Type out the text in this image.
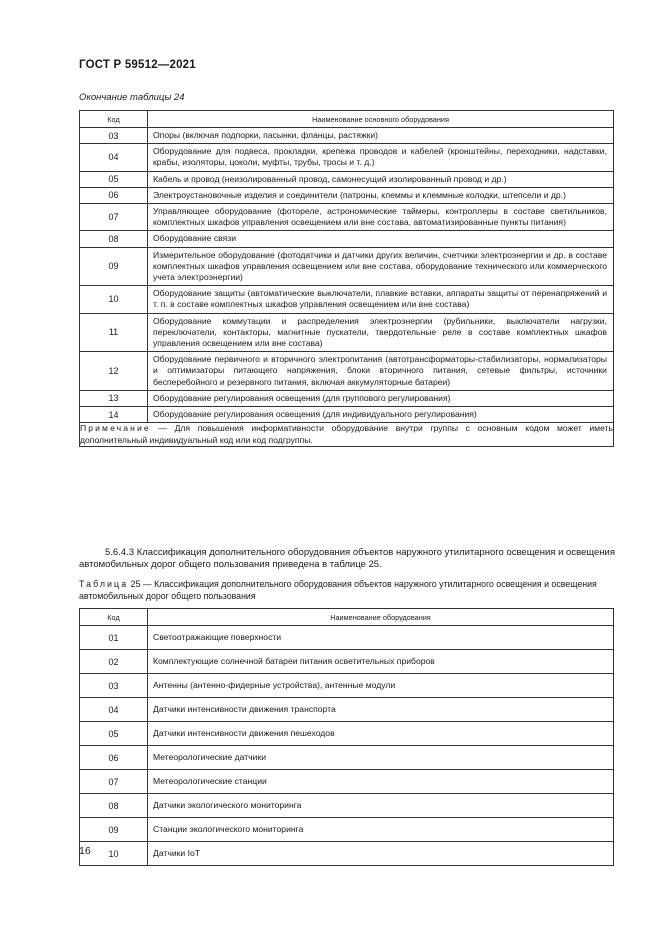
ГОСТ Р 59512—2021
Окончание таблицы 24
Код	Наименование основного оборудования
03	Опоры (включая подпорки, пасынки, фланцы, растяжки)
04	Оборудование для подвеса, прокладки, крепежа проводов и кабелей (кронштейны, переходники, надставки, крабы, изоляторы, цоколи, муфты, трубы, тросы и т. д.)
05	Кабель и провод (неизолированный провод, самонесущий изолированный провод и др.)
06	Электроустановочные изделия и соединители (патроны, клеммы и клеммные колодки, штепсели и др.)
07	Управляющее оборудование (фотореле, астрономические таймеры, контроллеры в составе светильников, комплектных шкафов управления освещением или вне состава, автоматизированные пункты питания)
08	Оборудование связи
09	Измерительное оборудование (фотодатчики и датчики других величин, счетчики электроэнергии и др. в составе комплектных шкафов управления освещением или вне состава, оборудование технического или коммерческого учета электроэнергии)
10	Оборудование защиты (автоматические выключатели, плавкие вставки, аппараты защиты от перенапряжений и т. п. в составе комплектных шкафов управления освещением или вне состава)
11	Оборудование коммутации и распределения электроэнергии (рубильники, выключатели нагрузки, переключатели, контакторы, магнитные пускатели, твердотельные реле в составе комплектных шкафов управления освещением или вне состава)
12	Оборудование первичного и вторичного электропитания (автотрансформаторы-стабилизаторы, нормализаторы и оптимизаторы питающего напряжения, блоки вторичного питания, сетевые фильтры, источники бесперебойного и резервного питания, включая аккумуляторные батареи)
13	Оборудование регулирования освещения (для группового регулирования)
14	Оборудование регулирования освещения (для индивидуального регулирования)
Примечание — Для повышения информативности оборудование внутри группы с основным кодом может иметь дополнительный индивидуальный код или код подгруппы.	
5.6.4.3 Классификация дополнительного оборудования объектов наружного утилитарного освещения и освещения автомобильных дорог общего пользования приведена в таблице 25.
Таблица 25 — Классификация дополнительного оборудования объектов наружного утилитарного освещения и освещения автомобильных дорог общего пользования
Код	Наименование оборудования
01	Светоотражающие поверхности
02	Комплектующие солнечной батареи питания осветительных приборов
03	Антенны (антенно-фидерные устройства), антенные модули
04	Датчики интенсивности движения транспорта
05	Датчики интенсивности движения пешеходов
06	Метеорологические датчики
07	Метеорологические станции
08	Датчики экологического мониторинга
09	Станции экологического мониторинга
10	Датчики IoT
16
